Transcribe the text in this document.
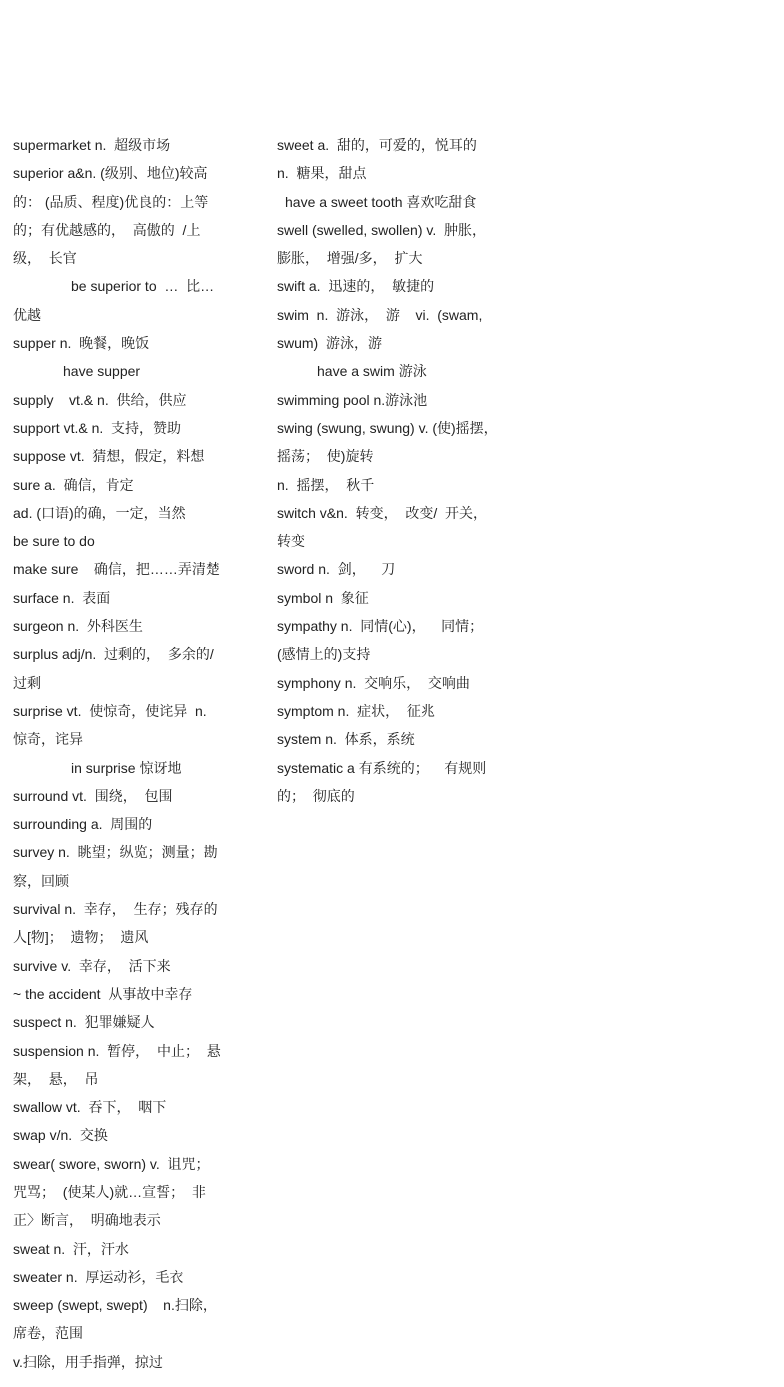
supermarket n.  超级市场
superior a&n. (级别、地位)较高
的： (品质、程度)优良的：上等
的；有优越感的，  高傲的  /上
级，  长官
be superior to  …  比…
优越
supper n.  晚餐，晚饭
have supper
supply    vt.& n.  供给，供应
support vt.& n.  支持，赞助
suppose vt.  猜想，假定，料想
sure a.  确信，肯定
ad. (口语)的确，一定，当然
be sure to do
make sure    确信，把……弄清楚
surface n.  表面
surgeon n.  外科医生
surplus adj/n.  过剩的，  多余的/
过剩
surprise vt.  使惊奇，使诧异  n.
惊奇，诧异
in surprise 惊讶地
surround vt.  围绕，  包围
surrounding a.  周围的
survey n.  眺望；纵览；测量；勘
察，回顾
survival n.  幸存，  生存；残存的
人[物]；  遗物；  遗风
survive v.  幸存，  活下来
~ the accident  从事故中幸存
suspect n.  犯罪嫌疑人
suspension n.  暂停，  中止；  悬
架，  悬，  吊
swallow vt.  吞下，  咽下
swap v/n.  交换
swear( swore, sworn) v.  诅咒；
咒骂；  (使某人)就…宣誓；  非
正〉断言，  明确地表示
sweat n.  汗，汗水
sweater n.  厚运动衫，毛衣
sweep (swept, swept)    n.扫除，
席卷，范围
v.扫除，用手指弹，掠过
sweet a.  甜的，可爱的，悦耳的
n.  糖果，甜点
have a sweet tooth 喜欢吃甜食
swell (swelled, swollen) v.  肿胀，
膨胀，  增强/多，  扩大
swift a.  迅速的，  敏捷的
swim  n.  游泳，  游    vi.  (swam,
swum)  游泳，游
have a swim 游泳
swimming pool n.游泳池
swing (swung, swung) v. (使)摇摆，
摇荡；  使)旋转
n.  摇摆，  秋千
switch v&n.  转变，  改变/  开关，
转变
sword n.  剑，    刀
symbol n  象征
sympathy n.  同情(心)，    同情；
(感情上的)支持
symphony n.  交响乐，  交响曲
symptom n.  症状，  征兆
system n.  体系，系统
systematic a 有系统的；    有规则
的；  彻底的
